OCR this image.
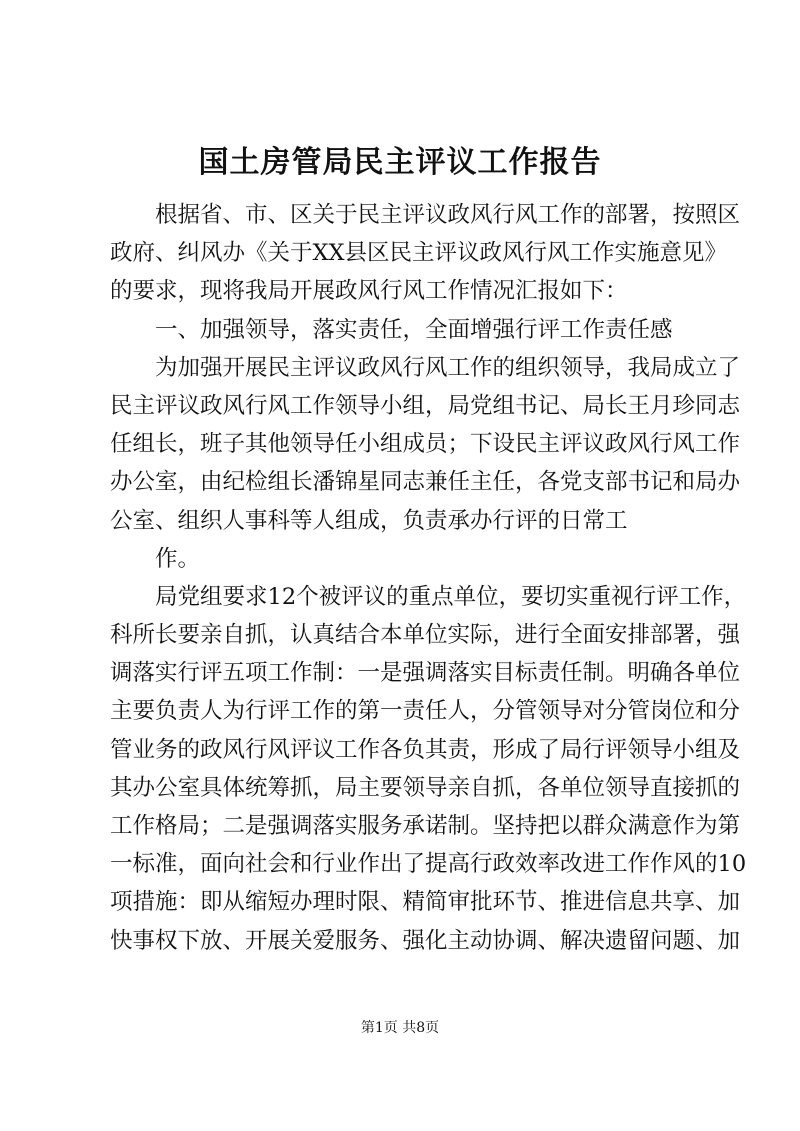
国土房管局民主评议工作报告
根据省、市、区关于民主评议政风行风工作的部署，按照区
政府、纠风办《关于XX县区民主评议政风行风工作实施意见》
的要求，现将我局开展政风行风工作情况汇报如下：
一、加强领导，落实责任，全面增强行评工作责任感
为加强开展民主评议政风行风工作的组织领导，我局成立了
民主评议政风行风工作领导小组，局党组书记、局长王月珍同志
任组长，班子其他领导任小组成员；下设民主评议政风行风工作
办公室，由纪检组长潘锦星同志兼任主任，各党支部书记和局办
公室、组织人事科等人组成，负责承办行评的日常工
作。
局党组要求12个被评议的重点单位，要切实重视行评工作，
科所长要亲自抓，认真结合本单位实际，进行全面安排部署，强
调落实行评五项工作制：一是强调落实目标责任制。明确各单位
主要负责人为行评工作的第一责任人，分管领导对分管岗位和分
管业务的政风行风评议工作各负其责，形成了局行评领导小组及
其办公室具体统筹抓，局主要领导亲自抓，各单位领导直接抓的
工作格局；二是强调落实服务承诺制。坚持把以群众满意作为第
一标准，面向社会和行业作出了提高行政效率改进工作作风的10
项措施：即从缩短办理时限、精简审批环节、推进信息共享、加
快事权下放、开展关爱服务、强化主动协调、解决遗留问题、加
第1页 共8页
